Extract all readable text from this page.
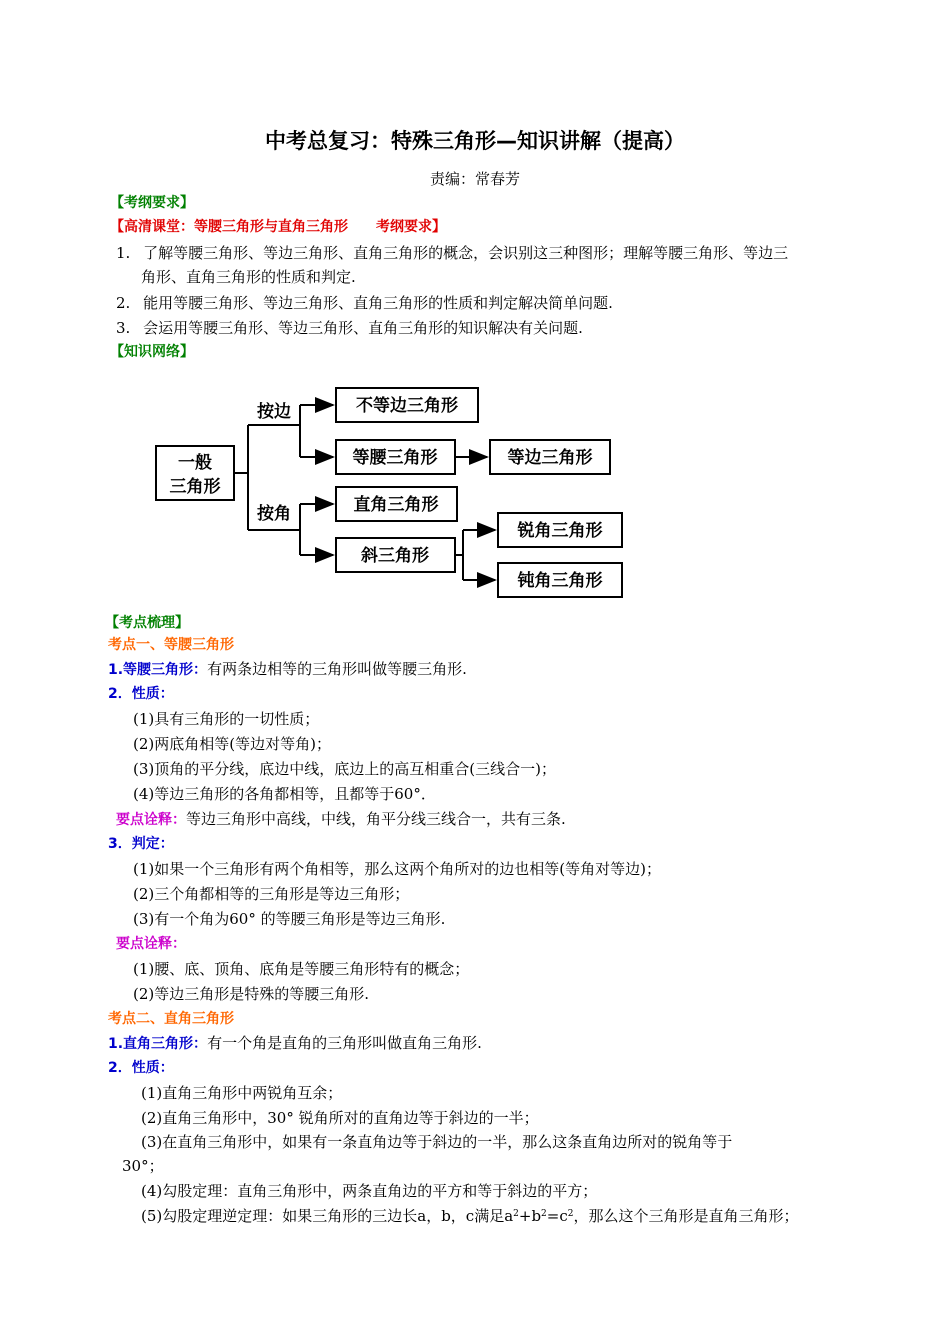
中考总复习：特殊三角形—知识讲解（提高）
责编：常春芳
【考纲要求】
【高清课堂：等腰三角形与直角三角形　　考纲要求】
1. 了解等腰三角形、等边三角形、直角三角形的概念，会识别这三种图形；理解等腰三角形、等边三
角形、直角三角形的性质和判定.
2. 能用等腰三角形、等边三角形、直角三角形的性质和判定解决简单问题.
3. 会运用等腰三角形、等边三角形、直角三角形的知识解决有关问题.
【知识网络】
一般
三角形
按边
按角
不等边三角形
等腰三角形	等边三角形
直角三角形
斜三角形
锐角三角形
钝角三角形
【考点梳理】
考点一、等腰三角形
1.等腰三角形：有两条边相等的三角形叫做等腰三角形.
2．性质：
(1)具有三角形的一切性质；
(2)两底角相等(等边对等角)；
(3)顶角的平分线，底边中线，底边上的高互相重合(三线合一)；
(4)等边三角形的各角都相等，且都等于60°．
要点诠释：等边三角形中高线，中线，角平分线三线合一，共有三条.
3．判定：
(1)如果一个三角形有两个角相等，那么这两个角所对的边也相等(等角对等边)；
(2)三个角都相等的三角形是等边三角形；
(3)有一个角为60° 的等腰三角形是等边三角形.
要点诠释：
(1)腰、底、顶角、底角是等腰三角形特有的概念；
(2)等边三角形是特殊的等腰三角形.
考点二、直角三角形
1.直角三角形：有一个角是直角的三角形叫做直角三角形.
2．性质：
(1)直角三角形中两锐角互余；
(2)直角三角形中，30° 锐角所对的直角边等于斜边的一半；
(3)在直角三角形中，如果有一条直角边等于斜边的一半，那么这条直角边所对的锐角等于
30°；
(4)勾股定理：直角三角形中，两条直角边的平方和等于斜边的平方；
(5)勾股定理逆定理：如果三角形的三边长a，b，c满足$a^2+b^2=c^2$，那么这个三角形是直角三角形；
